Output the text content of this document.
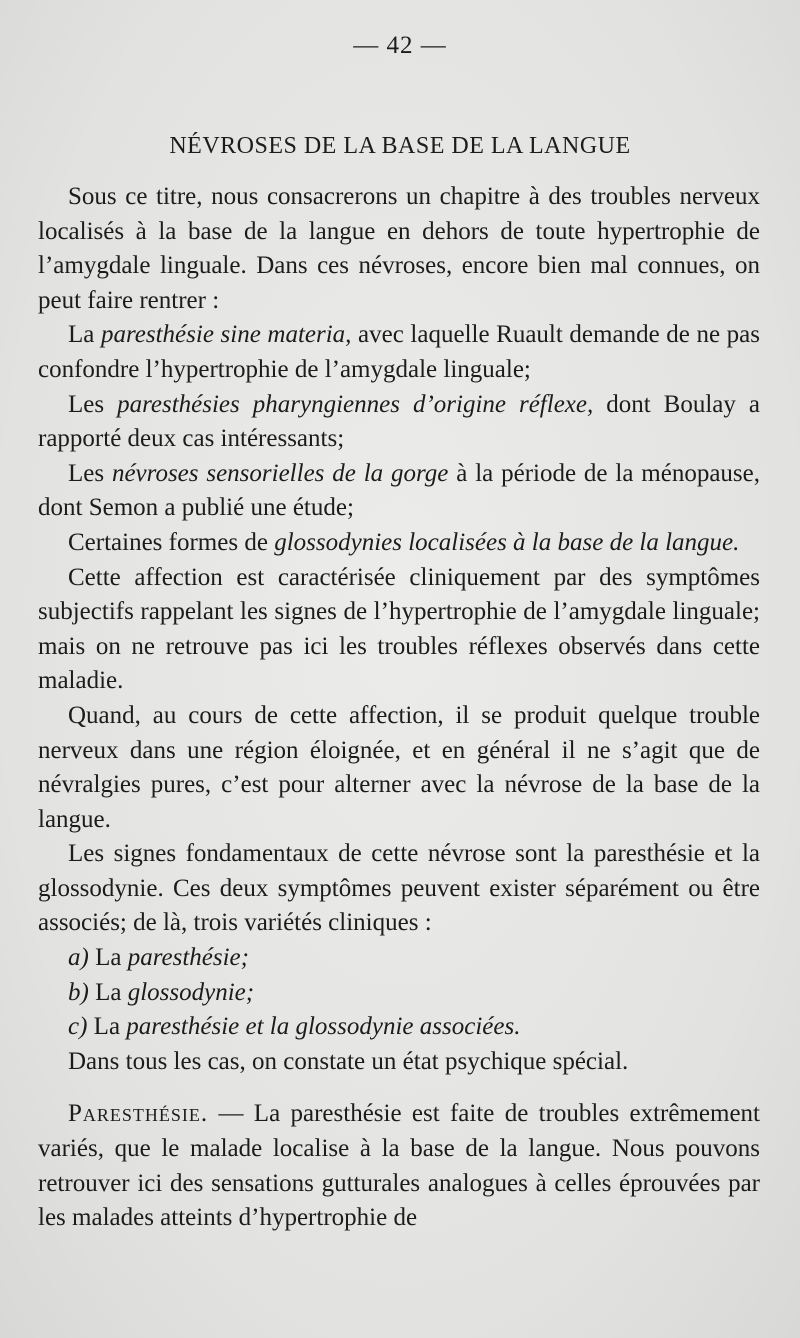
— 42 —
NÉVROSES DE LA BASE DE LA LANGUE

Sous ce titre, nous consacrerons un chapitre à des troubles nerveux localisés à la base de la langue en dehors de toute hypertrophie de l’amygdale linguale. Dans ces névroses, encore bien mal connues, on peut faire rentrer :

La paresthésie sine materia, avec laquelle Ruault demande de ne pas confondre l’hypertrophie de l’amygdale linguale;

Les paresthésies pharyngiennes d’origine réflexe, dont Boulay a rapporté deux cas intéressants;

Les névroses sensorielles de la gorge à la période de la ménopause, dont Semon a publié une étude;

Certaines formes de glossodynies localisées à la base de la langue.

Cette affection est caractérisée cliniquement par des symptômes subjectifs rappelant les signes de l’hypertrophie de l’amygdale linguale; mais on ne retrouve pas ici les troubles réflexes observés dans cette maladie.

Quand, au cours de cette affection, il se produit quelque trouble nerveux dans une région éloignée, et en général il ne s’agit que de névralgies pures, c’est pour alterner avec la névrose de la base de la langue.

Les signes fondamentaux de cette névrose sont la paresthésie et la glossodynie. Ces deux symptômes peuvent exister séparément ou être associés; de là, trois variétés cliniques :

a) La paresthésie;

b) La glossodynie;

c) La paresthésie et la glossodynie associées.

Dans tous les cas, on constate un état psychique spécial.

Paresthésie. — La paresthésie est faite de troubles extrêmement variés, que le malade localise à la base de la langue. Nous pouvons retrouver ici des sensations gutturales analogues à celles éprouvées par les malades atteints d’hypertrophie de
